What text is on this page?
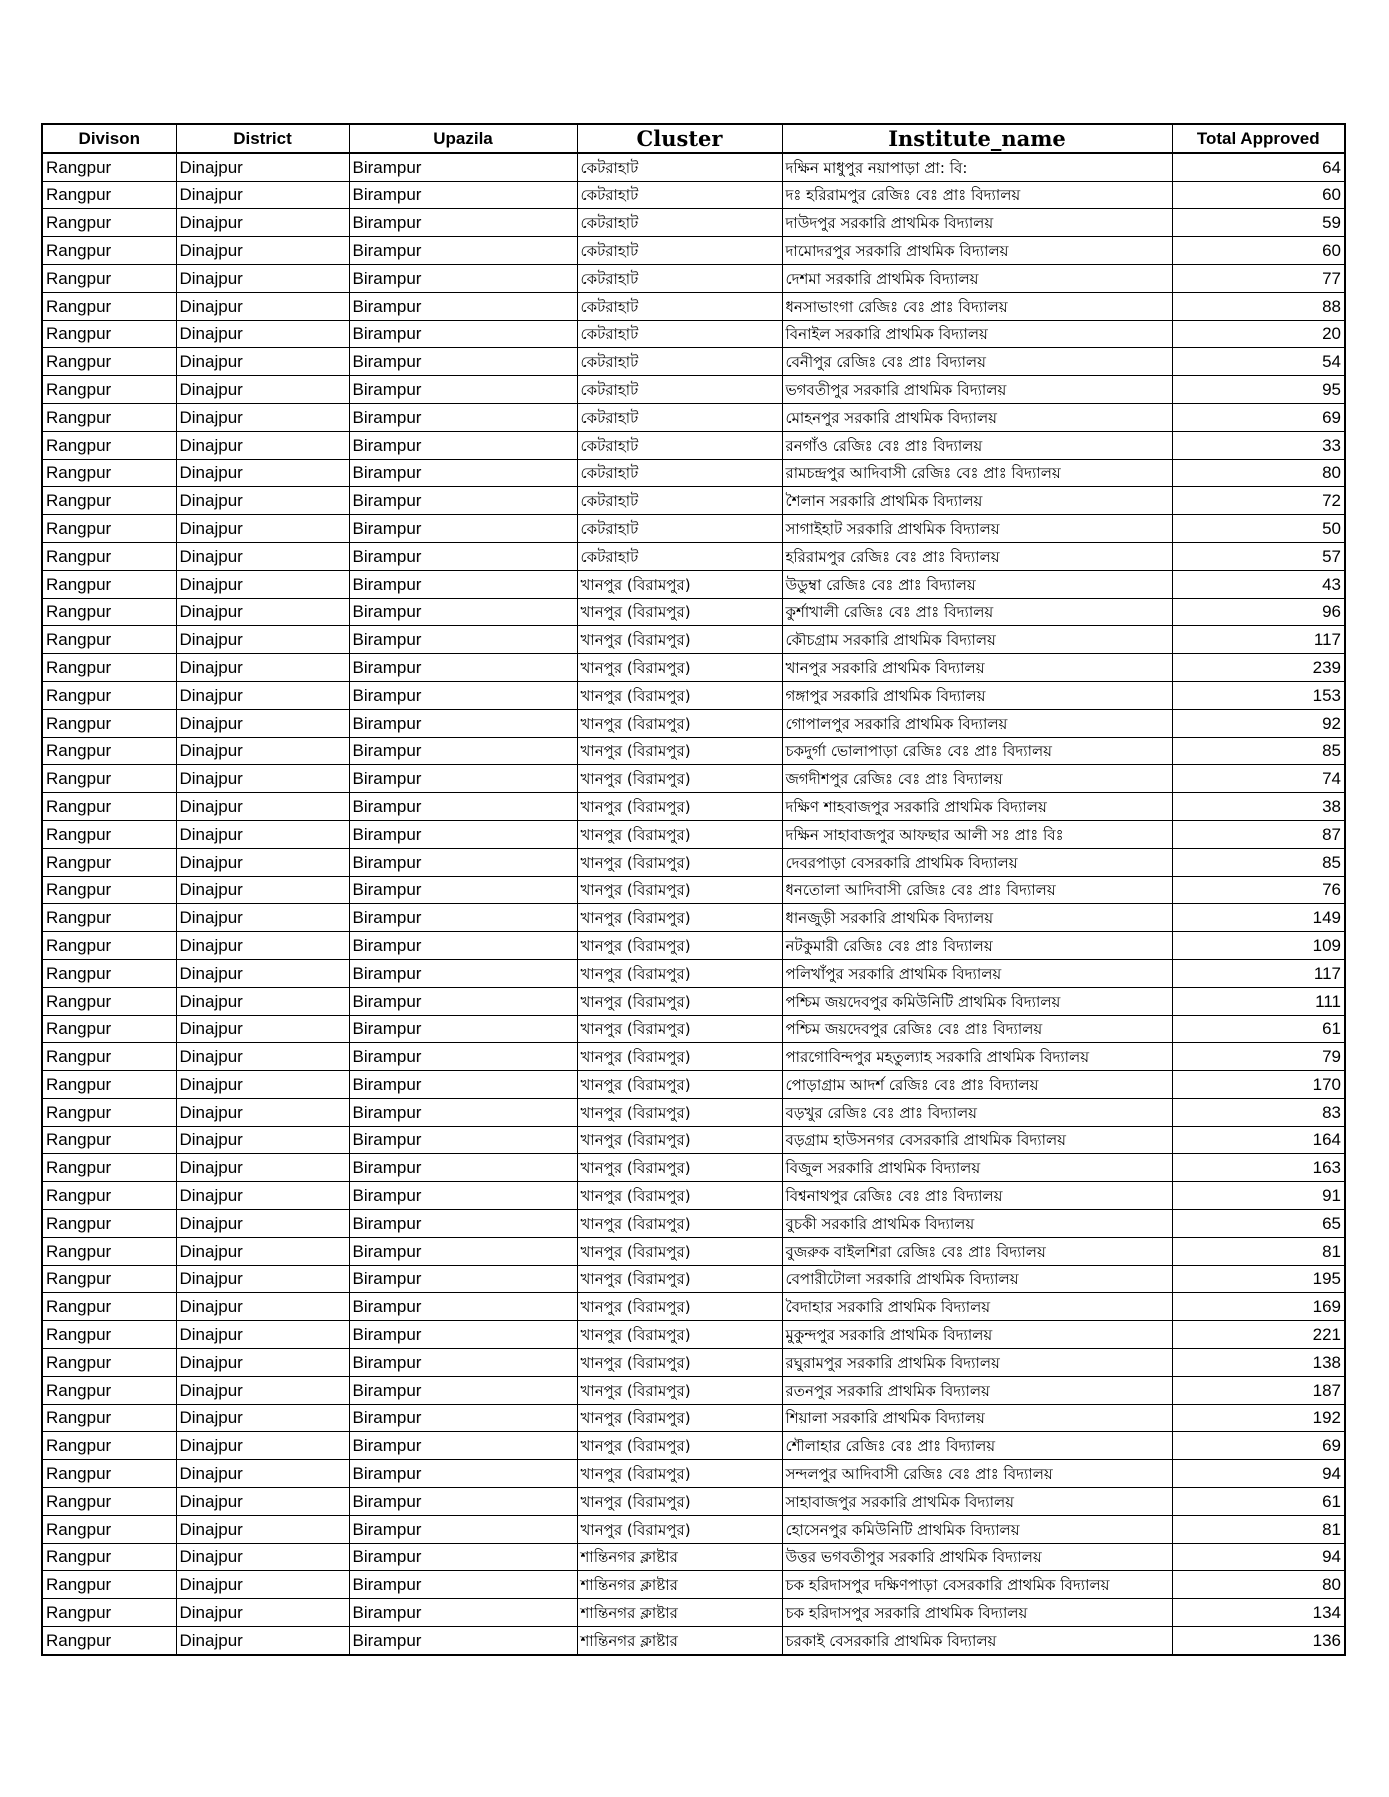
Divison	District	Upazila	Cluster	Institute_name	Total Approved
Rangpur	Dinajpur	Birampur	কেটরাহাট	দক্ষিন মাধুপুর নয়াপাড়া প্রা: বি:	64
Rangpur	Dinajpur	Birampur	কেটরাহাট	দঃ হরিরামপুর রেজিঃ বেঃ প্রাঃ বিদ্যালয়	60
Rangpur	Dinajpur	Birampur	কেটরাহাট	দাউদপুর সরকারি প্রাথমিক বিদ্যালয়	59
Rangpur	Dinajpur	Birampur	কেটরাহাট	দামোদরপুর সরকারি প্রাথমিক বিদ্যালয়	60
Rangpur	Dinajpur	Birampur	কেটরাহাট	দেশমা সরকারি প্রাথমিক বিদ্যালয়	77
Rangpur	Dinajpur	Birampur	কেটরাহাট	ধনসাভাংগা রেজিঃ বেঃ প্রাঃ বিদ্যালয়	88
Rangpur	Dinajpur	Birampur	কেটরাহাট	বিনাইল সরকারি প্রাথমিক বিদ্যালয়	20
Rangpur	Dinajpur	Birampur	কেটরাহাট	বেনীপুর রেজিঃ বেঃ প্রাঃ বিদ্যালয়	54
Rangpur	Dinajpur	Birampur	কেটরাহাট	ভগবতীপুর সরকারি প্রাথমিক বিদ্যালয়	95
Rangpur	Dinajpur	Birampur	কেটরাহাট	মোহনপুর সরকারি প্রাথমিক বিদ্যালয়	69
Rangpur	Dinajpur	Birampur	কেটরাহাট	রনগাঁও রেজিঃ বেঃ প্রাঃ বিদ্যালয়	33
Rangpur	Dinajpur	Birampur	কেটরাহাট	রামচন্দ্রপুর আদিবাসী রেজিঃ বেঃ প্রাঃ বিদ্যালয়	80
Rangpur	Dinajpur	Birampur	কেটরাহাট	শৈলান সরকারি প্রাথমিক বিদ্যালয়	72
Rangpur	Dinajpur	Birampur	কেটরাহাট	সাগাইহাট সরকারি প্রাথমিক বিদ্যালয়	50
Rangpur	Dinajpur	Birampur	কেটরাহাট	হরিরামপুর রেজিঃ বেঃ প্রাঃ বিদ্যালয়	57
Rangpur	Dinajpur	Birampur	খানপুর (বিরামপুর)	উডুম্বা রেজিঃ বেঃ প্রাঃ বিদ্যালয়	43
Rangpur	Dinajpur	Birampur	খানপুর (বিরামপুর)	কুর্শাখালী রেজিঃ বেঃ প্রাঃ বিদ্যালয়	96
Rangpur	Dinajpur	Birampur	খানপুর (বিরামপুর)	কৌচগ্রাম সরকারি প্রাথমিক বিদ্যালয়	117
Rangpur	Dinajpur	Birampur	খানপুর (বিরামপুর)	খানপুর সরকারি প্রাথমিক বিদ্যালয়	239
Rangpur	Dinajpur	Birampur	খানপুর (বিরামপুর)	গঙ্গাপুর সরকারি প্রাথমিক বিদ্যালয়	153
Rangpur	Dinajpur	Birampur	খানপুর (বিরামপুর)	গোপালপুর সরকারি প্রাথমিক বিদ্যালয়	92
Rangpur	Dinajpur	Birampur	খানপুর (বিরামপুর)	চকদুর্গা ভোলাপাড়া রেজিঃ বেঃ প্রাঃ বিদ্যালয়	85
Rangpur	Dinajpur	Birampur	খানপুর (বিরামপুর)	জগদীশপুর রেজিঃ বেঃ প্রাঃ বিদ্যালয়	74
Rangpur	Dinajpur	Birampur	খানপুর (বিরামপুর)	দক্ষিণ শাহবাজপুর সরকারি প্রাথমিক বিদ্যালয়	38
Rangpur	Dinajpur	Birampur	খানপুর (বিরামপুর)	দক্ষিন সাহাবাজপুর আফছার আলী সঃ প্রাঃ বিঃ	87
Rangpur	Dinajpur	Birampur	খানপুর (বিরামপুর)	দেবরপাড়া বেসরকারি প্রাথমিক বিদ্যালয়	85
Rangpur	Dinajpur	Birampur	খানপুর (বিরামপুর)	ধনতোলা আদিবাসী রেজিঃ বেঃ প্রাঃ বিদ্যালয়	76
Rangpur	Dinajpur	Birampur	খানপুর (বিরামপুর)	ধানজুড়ী সরকারি প্রাথমিক বিদ্যালয়	149
Rangpur	Dinajpur	Birampur	খানপুর (বিরামপুর)	নটকুমারী রেজিঃ বেঃ প্রাঃ বিদ্যালয়	109
Rangpur	Dinajpur	Birampur	খানপুর (বিরামপুর)	পলিখাঁপুর সরকারি প্রাথমিক বিদ্যালয়	117
Rangpur	Dinajpur	Birampur	খানপুর (বিরামপুর)	পশ্চিম জয়দেবপুর কমিউনিটি প্রাথমিক বিদ্যালয়	111
Rangpur	Dinajpur	Birampur	খানপুর (বিরামপুর)	পশ্চিম জয়দেবপুর রেজিঃ বেঃ প্রাঃ বিদ্যালয়	61
Rangpur	Dinajpur	Birampur	খানপুর (বিরামপুর)	পারগোবিন্দপুর মহতুল্যাহ সরকারি প্রাথমিক বিদ্যালয়	79
Rangpur	Dinajpur	Birampur	খানপুর (বিরামপুর)	পোড়াগ্রাম আদর্শ রেজিঃ বেঃ প্রাঃ বিদ্যালয়	170
Rangpur	Dinajpur	Birampur	খানপুর (বিরামপুর)	বড়খুর রেজিঃ বেঃ প্রাঃ বিদ্যালয়	83
Rangpur	Dinajpur	Birampur	খানপুর (বিরামপুর)	বড়গ্রাম হাউসনগর বেসরকারি প্রাথমিক বিদ্যালয়	164
Rangpur	Dinajpur	Birampur	খানপুর (বিরামপুর)	বিজুল সরকারি প্রাথমিক বিদ্যালয়	163
Rangpur	Dinajpur	Birampur	খানপুর (বিরামপুর)	বিশ্বনাথপুর রেজিঃ বেঃ প্রাঃ বিদ্যালয়	91
Rangpur	Dinajpur	Birampur	খানপুর (বিরামপুর)	বুচকী সরকারি প্রাথমিক বিদ্যালয়	65
Rangpur	Dinajpur	Birampur	খানপুর (বিরামপুর)	বুজরুক বাইলশিরা রেজিঃ বেঃ প্রাঃ বিদ্যালয়	81
Rangpur	Dinajpur	Birampur	খানপুর (বিরামপুর)	বেপারীটোলা সরকারি প্রাথমিক বিদ্যালয়	195
Rangpur	Dinajpur	Birampur	খানপুর (বিরামপুর)	বৈদাহার সরকারি প্রাথমিক বিদ্যালয়	169
Rangpur	Dinajpur	Birampur	খানপুর (বিরামপুর)	মুকুন্দপুর সরকারি প্রাথমিক বিদ্যালয়	221
Rangpur	Dinajpur	Birampur	খানপুর (বিরামপুর)	রঘুরামপুর সরকারি প্রাথমিক বিদ্যালয়	138
Rangpur	Dinajpur	Birampur	খানপুর (বিরামপুর)	রতনপুর সরকারি প্রাথমিক বিদ্যালয়	187
Rangpur	Dinajpur	Birampur	খানপুর (বিরামপুর)	শিয়ালা সরকারি প্রাথমিক বিদ্যালয়	192
Rangpur	Dinajpur	Birampur	খানপুর (বিরামপুর)	শৌলাহার রেজিঃ বেঃ প্রাঃ বিদ্যালয়	69
Rangpur	Dinajpur	Birampur	খানপুর (বিরামপুর)	সন্দলপুর আদিবাসী রেজিঃ বেঃ প্রাঃ বিদ্যালয়	94
Rangpur	Dinajpur	Birampur	খানপুর (বিরামপুর)	সাহাবাজপুর সরকারি প্রাথমিক বিদ্যালয়	61
Rangpur	Dinajpur	Birampur	খানপুর (বিরামপুর)	হোসেনপুর কমিউনিটি প্রাথমিক বিদ্যালয়	81
Rangpur	Dinajpur	Birampur	শান্তিনগর ক্লাষ্টার	উত্তর ভগবতীপুর সরকারি প্রাথমিক বিদ্যালয়	94
Rangpur	Dinajpur	Birampur	শান্তিনগর ক্লাষ্টার	চক হরিদাসপুর দক্ষিণপাড়া বেসরকারি প্রাথমিক বিদ্যালয়	80
Rangpur	Dinajpur	Birampur	শান্তিনগর ক্লাষ্টার	চক হরিদাসপুর সরকারি প্রাথমিক বিদ্যালয়	134
Rangpur	Dinajpur	Birampur	শান্তিনগর ক্লাষ্টার	চরকাই বেসরকারি প্রাথমিক বিদ্যালয়	136
